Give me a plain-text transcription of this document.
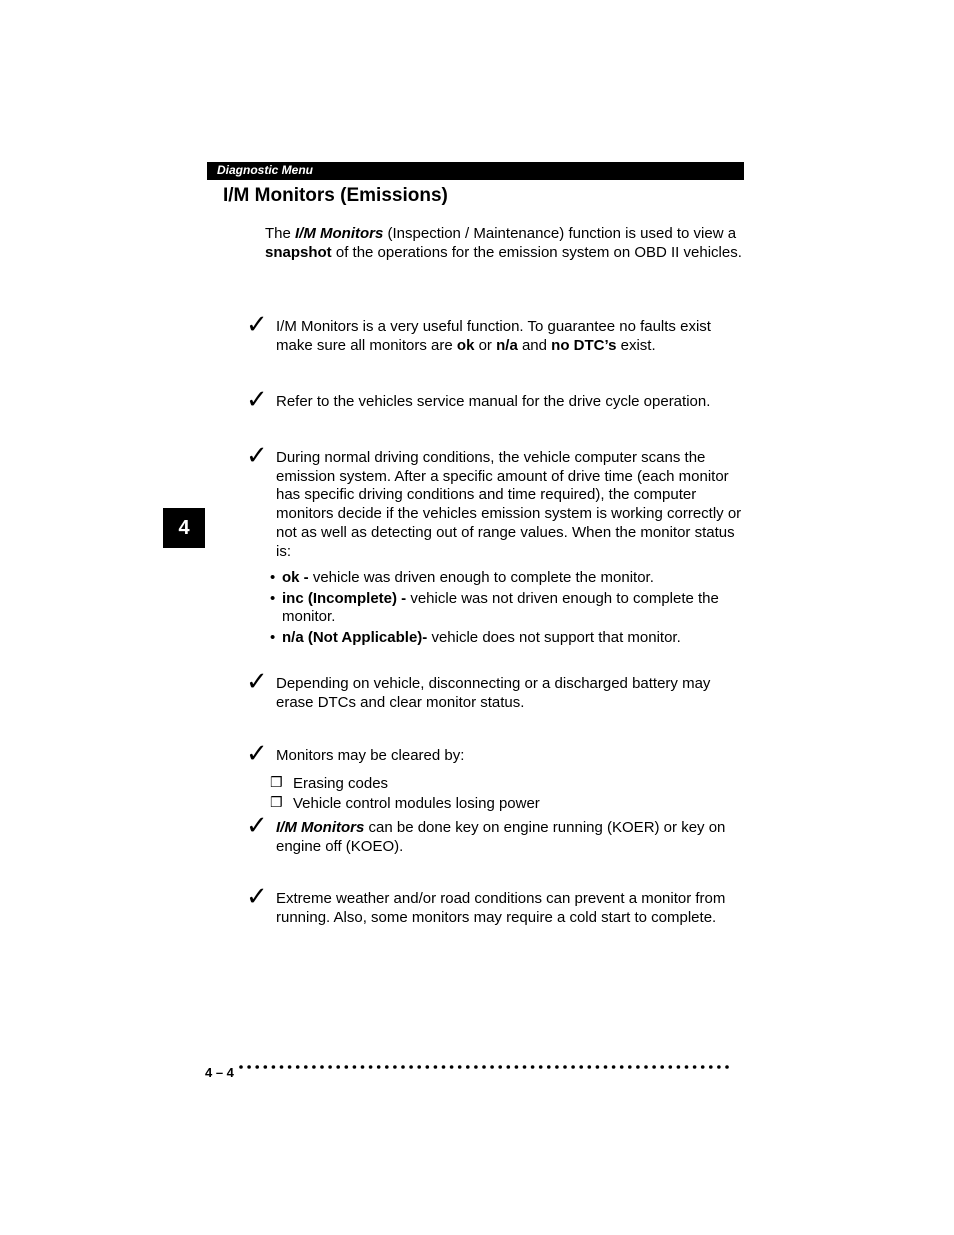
Diagnostic Menu
I/M Monitors (Emissions)

The I/M Monitors (Inspection / Maintenance) function is used to view a snapshot of the operations for the emission system on OBD II vehicles.

4
✓ I/M Monitors is a very useful function. To guarantee no faults exist make sure all monitors are ok or n/a and no DTC’s exist.
✓ Refer to the vehicles service manual for the drive cycle operation.
✓ During normal driving conditions, the vehicle computer scans the emission system. After a specific amount of drive time (each monitor has specific driving conditions and time required), the computer monitors decide if the vehicles emission system is working correctly or not as well as detecting out of range values. When the monitor status is:
• ok - vehicle was driven enough to complete the monitor.
• inc (Incomplete) - vehicle was not driven enough to complete the monitor.
• n/a (Not Applicable)- vehicle does not support that monitor.
✓ Depending on vehicle, disconnecting or a discharged battery may erase DTCs and clear monitor status.
✓ Monitors may be cleared by:
❒ Erasing codes
❒ Vehicle control modules losing power
✓ I/M Monitors can be done key on engine running (KOER) or key on engine off (KOEO).
✓ Extreme weather and/or road conditions can prevent a monitor from running. Also, some monitors may require a cold start to complete.
4 – 4
